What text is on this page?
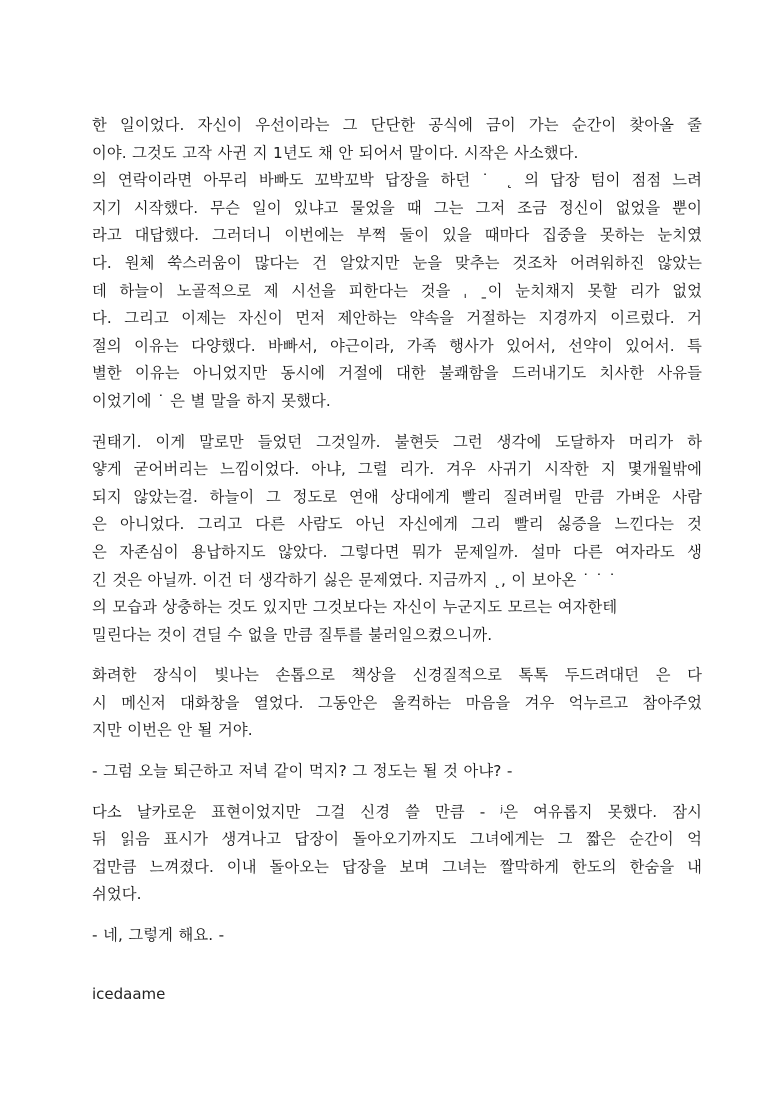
한 일이었다. 자신이 우선이라는 그 단단한 공식에 금이 가는 순간이 찾아올 줄
이야. 그것도 고작 사귄 지 1년도 채 안 되어서 말이다. 시작은 사소했다.
의 연락이라면 아무리 바빠도 꼬박꼬박 답장을 하던 ˙ ˛ 의 답장 텀이 점점 느려
지기 시작했다. 무슨 일이 있냐고 물었을 때 그는 그저 조금 정신이 없었을 뿐이
라고 대답했다. 그러더니 이번에는 부쩍 둘이 있을 때마다 집중을 못하는 눈치였
다. 원체 쑥스러움이 많다는 건 알았지만 눈을 맞추는 것조차 어려워하진 않았는
데 하늘이 노골적으로 제 시선을 피한다는 것을 ˌ ˍ이 눈치채지 못할 리가 없었
다. 그리고 이제는 자신이 먼저 제안하는 약속을 거절하는 지경까지 이르렀다. 거
절의 이유는 다양했다. 바빠서, 야근이라, 가족 행사가 있어서, 선약이 있어서. 특
별한 이유는 아니었지만 동시에 거절에 대한 불쾌함을 드러내기도 치사한 사유들
이었기에 ˙ 은 별 말을 하지 못했다.
권태기. 이게 말로만 들었던 그것일까. 불현듯 그런 생각에 도달하자 머리가 하
얗게 굳어버리는 느낌이었다. 아냐, 그럴 리가. 겨우 사귀기 시작한 지 몇개월밖에
되지 않았는걸. 하늘이 그 정도로 연애 상대에게 빨리 질려버릴 만큼 가벼운 사람
은 아니었다. 그리고 다른 사람도 아닌 자신에게 그리 빨리 싫증을 느낀다는 것
은 자존심이 용납하지도 않았다. 그렇다면 뭐가 문제일까. 설마 다른 여자라도 생
긴 것은 아닐까. 이건 더 생각하기 싫은 문제였다. 지금까지 ˛, 이 보아온 ˙ ˙ ˙
의 모습과 상충하는 것도 있지만 그것보다는 자신이 누군지도 모르는 여자한테
밀린다는 것이 견딜 수 없을 만큼 질투를 불러일으켰으니까.
화려한 장식이 빛나는 손톱으로 책상을 신경질적으로 톡톡 두드려대던 은 다
시 메신저 대화창을 열었다. 그동안은 울컥하는 마음을 겨우 억누르고 참아주었
지만 이번은 안 될 거야.
- 그럼 오늘 퇴근하고 저녁 같이 먹지? 그 정도는 될 것 아냐? -
다소 날카로운 표현이었지만 그걸 신경 쓸 만큼 - ʲ은 여유롭지 못했다. 잠시
뒤 읽음 표시가 생겨나고 답장이 돌아오기까지도 그녀에게는 그 짧은 순간이 억
겁만큼 느껴졌다. 이내 돌아오는 답장을 보며 그녀는 짤막하게 한도의 한숨을 내
쉬었다.
- 네, 그렇게 해요. -
icedaame
